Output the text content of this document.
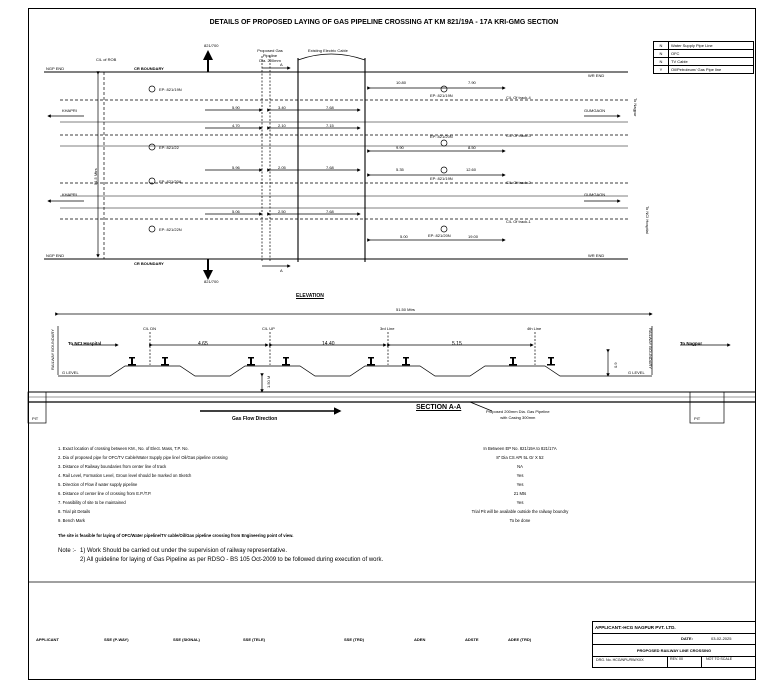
DETAILS OF PROPOSED LAYING OF GAS PIPELINE CROSSING AT KM 821/19A - 17A KRI-GMG SECTION
N	Water Supply Pipe Line
N	OFC
N	TV Cable
Y	Oil/Petroleum/ Gas Pipe line
C/L of ROB
Proposed Gas Pipeline
Dia. 200mm
Existing Electric Cable
821/700
821/700
A
A
CR BOUNDARY
CR BOUNDARY
NGP END
NGP END
WR END
WR END
KHAPRI
KHAPRI
GUMGAON
GUMGAON
To Nagpur
To NCI Hospital
51.5 Mtrs
EP: 821/19N
EP: 821/22
EP: 821/20A
EP: 821/22N
EP: 821/19N
EP: 821/20N
EP: 821/19N
EP: 821/20N
C/L Of track-4
C/L Of track-3
C/L Of track-2
C/L Of track-1
10.80	7.90
9.90	8.50
5.35	12.60
5.00	19.00
5.90	3.40
4.70	2.10
5.96	2.05
5.06	2.50
7.68
7.15
7.68
7.68
ELEVATION
51.50 Mtrs
C/L DN	C/L UP	3rd Line	4th Line
4.65	14.40	5.15
RAILWAY BOUNDARY	RAILWAY BOUNDARY
To NCI Hospital	To Nagpur
G LEVEL	G LEVEL
1.50 M
0.9
PIT	PIT
Gas Flow Direction
SECTION A-A
Proposed 200mm Dia. Gas Pipeline
with Casing 300mm
1. Exact location of crossing between KM., No. of Elect. Mass, T.P. No.	In Between EP No. 821/19A to 821/17A
2. Dia of proposed pipe for OFC/TV Cable/Water Supply pipe line/ Oil/Gas pipeline crossing	8" Dia CS API 5L Gr X 52
3. Distance of Railway boundaries from center line of track	NA
4. Rail Level, Formation Level, Groun level should be marked on Sketch	Yes
5. Direction of Flow if water supply pipeline	Yes
6. Distance of center line of crossing from E.P./T.P.	21 Mts
7. Feasibility of site to be maintained	Yes
8. Trial pit Details	Trial Pit will be available outside the railway boundry
9. Bench Mark	To be done
The site is feasible for laying of OFC/Water pipeline/TV cable/Oil/Gas pipeline crossing from Engineering point of view.
Note :- 1) Work Should be carried out under the supervision of railway representative.
2) All guideline for laying of Gas Pipeline as per RDSO - BS 105 Oct-2009 to be followed during execution of work.
APPLICANT	SSE (P-WAY)	SSE (SIGNAL)	SSE (TELE)	SSE (TRD)	ADEN	ADSTE	ADEE (TRD)
APPLICANT:-HCG NAGPUR PVT. LTD.
DATE:	03-02-2025
PROPOSED RAILWAY LINE CROSSING
DRG. No. HCG/NPL/RW/XXX	REV. 00	NOT TO SCALE
